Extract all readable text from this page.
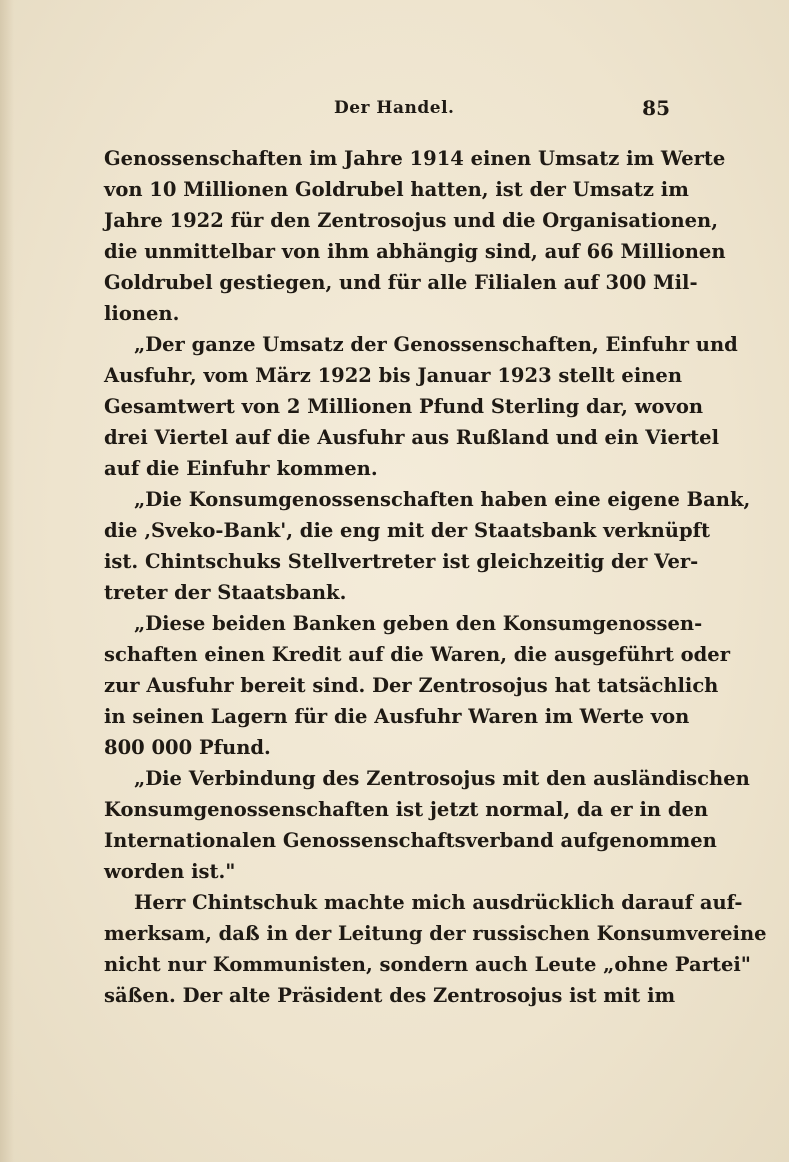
Der Handel.	85
Genossenschaften im Jahre 1914 einen Umsatz im Werte
von 10 Millionen Goldrubel hatten, ist der Umsatz im
Jahre 1922 für den Zentrosojus und die Organisationen,
die unmittelbar von ihm abhängig sind, auf 66 Millionen
Goldrubel gestiegen, und für alle Filialen auf 300 Mil-
lionen.
„Der ganze Umsatz der Genossenschaften, Einfuhr und
Ausfuhr, vom März 1922 bis Januar 1923 stellt einen
Gesamtwert von 2 Millionen Pfund Sterling dar, wovon
drei Viertel auf die Ausfuhr aus Rußland und ein Viertel
auf die Einfuhr kommen.
„Die Konsumgenossenschaften haben eine eigene Bank,
die ‚Sveko-Bank', die eng mit der Staatsbank verknüpft
ist. Chintschuks Stellvertreter ist gleichzeitig der Ver-
treter der Staatsbank.
„Diese beiden Banken geben den Konsumgenossen-
schaften einen Kredit auf die Waren, die ausgeführt oder
zur Ausfuhr bereit sind. Der Zentrosojus hat tatsächlich
in seinen Lagern für die Ausfuhr Waren im Werte von
800 000 Pfund.
„Die Verbindung des Zentrosojus mit den ausländischen
Konsumgenossenschaften ist jetzt normal, da er in den
Internationalen Genossenschaftsverband aufgenommen
worden ist."
Herr Chintschuk machte mich ausdrücklich darauf auf-
merksam, daß in der Leitung der russischen Konsumvereine
nicht nur Kommunisten, sondern auch Leute „ohne Partei"
säßen. Der alte Präsident des Zentrosojus ist mit im
